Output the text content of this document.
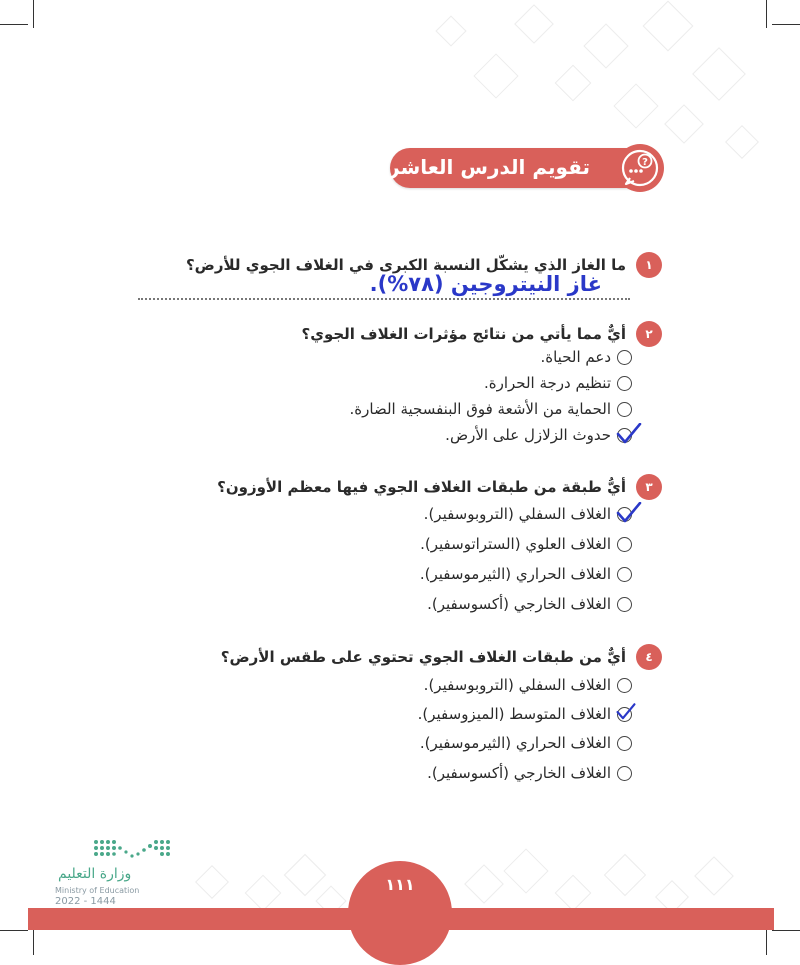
تقويم الدرس العاشر	?
١
ما الغاز الذي يشكّل النسبة الكبرى في الغلاف الجوي للأرض؟
غاز النيتروجين (٧٨%).
٢
أيٌّ مما يأتي من نتائج مؤثرات الغلاف الجوي؟
دعم الحياة.
تنظيم درجة الحرارة.
الحماية من الأشعة فوق البنفسجية الضارة.
حدوث الزلازل على الأرض.
٣
أيُّ طبقة من طبقات الغلاف الجوي فيها معظم الأوزون؟
الغلاف السفلي (التروبوسفير).
الغلاف العلوي (الستراتوسفير).
الغلاف الحراري (الثيرموسفير).
الغلاف الخارجي (أكسوسفير).
٤
أيٌّ من طبقات الغلاف الجوي تحتوي على طقس الأرض؟
الغلاف السفلي (التروبوسفير).
الغلاف المتوسط (الميزوسفير).
الغلاف الحراري (الثيرموسفير).
الغلاف الخارجي (أكسوسفير).
١١١
وزارة التعليم
Ministry of Education
2022 - 1444
